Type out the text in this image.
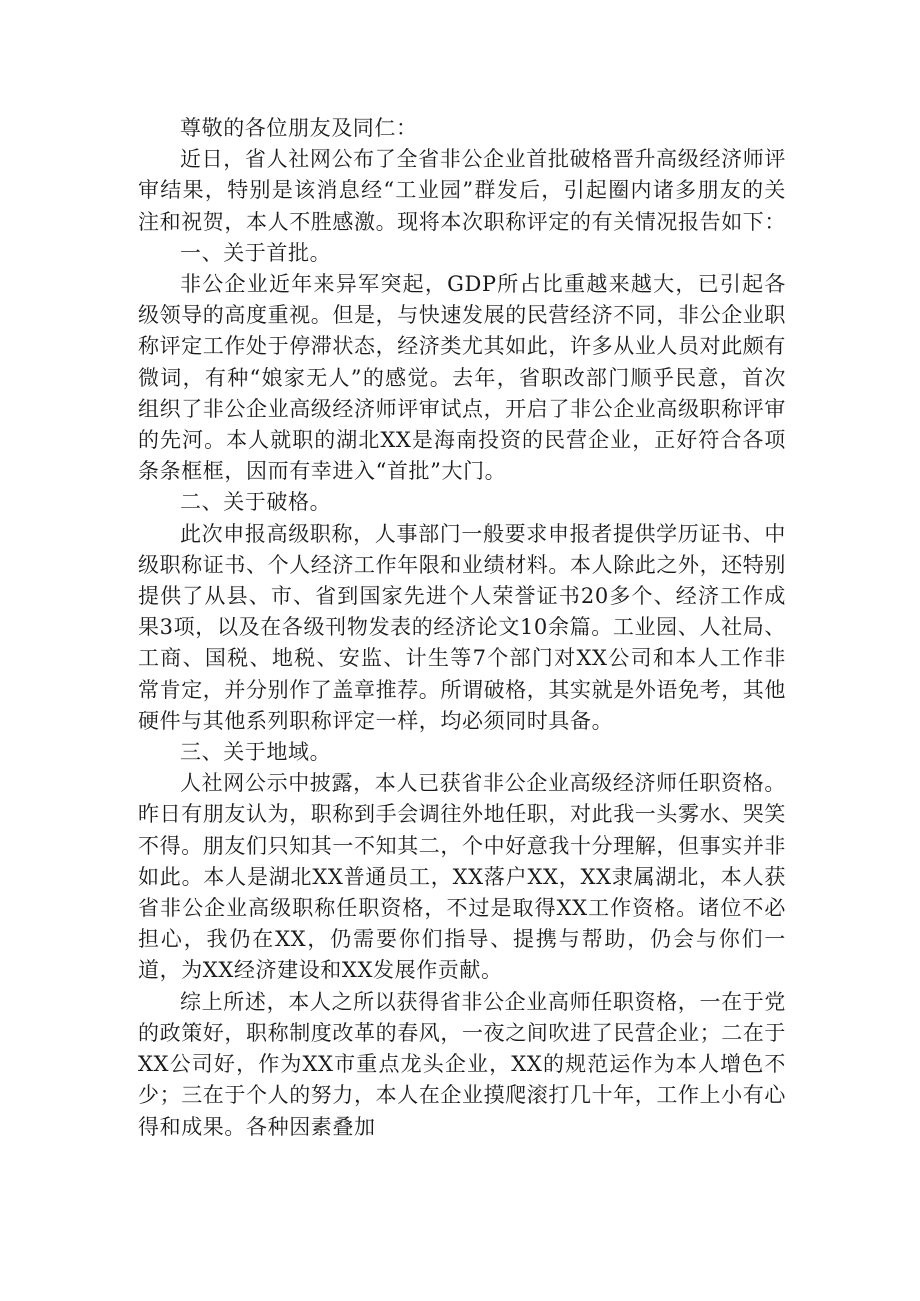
尊敬的各位朋友及同仁：

近日，省人社网公布了全省非公企业首批破格晋升高级经济师评审结果，特别是该消息经“工业园”群发后，引起圈内诸多朋友的关注和祝贺，本人不胜感激。现将本次职称评定的有关情况报告如下：

一、关于首批。

非公企业近年来异军突起，GDP所占比重越来越大，已引起各级领导的高度重视。但是，与快速发展的民营经济不同，非公企业职称评定工作处于停滞状态，经济类尤其如此，许多从业人员对此颇有微词，有种“娘家无人”的感觉。去年，省职改部门顺乎民意，首次组织了非公企业高级经济师评审试点，开启了非公企业高级职称评审的先河。本人就职的湖北XX是海南投资的民营企业，正好符合各项条条框框，因而有幸进入“首批”大门。

二、关于破格。

此次申报高级职称，人事部门一般要求申报者提供学历证书、中级职称证书、个人经济工作年限和业绩材料。本人除此之外，还特别提供了从县、市、省到国家先进个人荣誉证书20多个、经济工作成果3项，以及在各级刊物发表的经济论文10余篇。工业园、人社局、工商、国税、地税、安监、计生等7个部门对XX公司和本人工作非常肯定，并分别作了盖章推荐。所谓破格，其实就是外语免考，其他硬件与其他系列职称评定一样，均必须同时具备。

三、关于地域。

人社网公示中披露，本人已获省非公企业高级经济师任职资格。昨日有朋友认为，职称到手会调往外地任职，对此我一头雾水、哭笑不得。朋友们只知其一不知其二，个中好意我十分理解，但事实并非如此。本人是湖北XX普通员工，XX落户XX，XX隶属湖北，本人获省非公企业高级职称任职资格，不过是取得XX工作资格。诸位不必担心，我仍在XX，仍需要你们指导、提携与帮助，仍会与你们一道，为XX经济建设和XX发展作贡献。

综上所述，本人之所以获得省非公企业高师任职资格，一在于党的政策好，职称制度改革的春风，一夜之间吹进了民营企业；二在于XX公司好，作为XX市重点龙头企业，XX的规范运作为本人增色不少；三在于个人的努力，本人在企业摸爬滚打几十年，工作上小有心得和成果。各种因素叠加
